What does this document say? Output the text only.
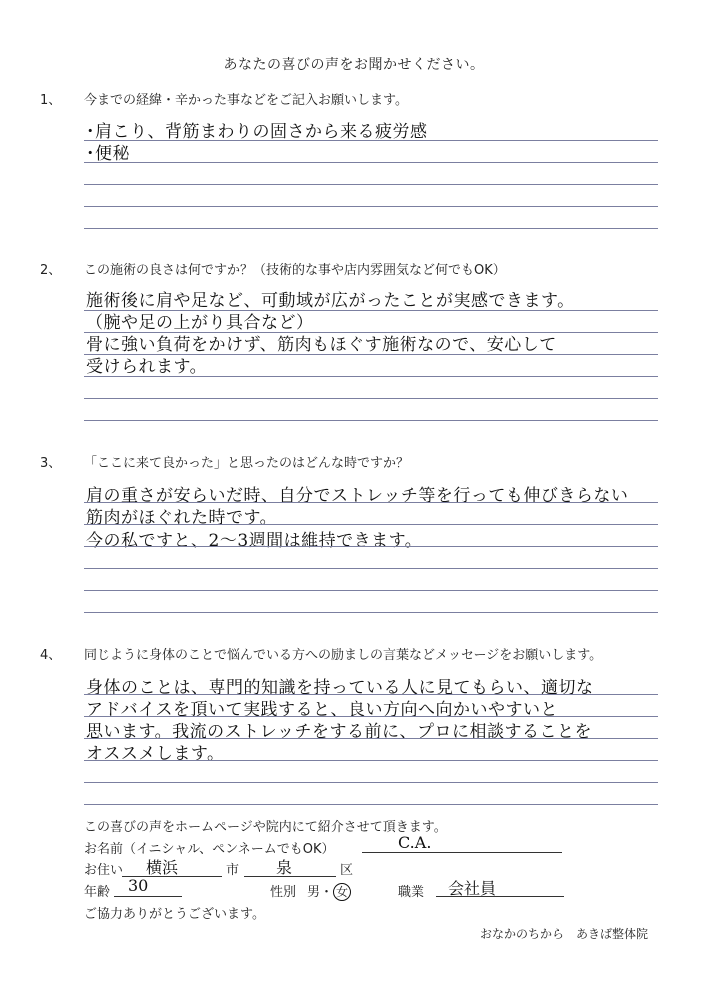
あなたの喜びの声をお聞かせください。
1、 今までの経緯・辛かった事などをご記入お願いします。
･肩こり、背筋まわりの固さから来る疲労感
･便秘
2、 この施術の良さは何ですか？（技術的な事や店内雰囲気など何でもOK）
施術後に肩や足など、可動域が広がったことが実感できます。
（腕や足の上がり具合など）
骨に強い負荷をかけず、筋肉もほぐす施術なので、安心して
受けられます。
3、 「ここに来て良かった」と思ったのはどんな時ですか？
肩の重さが安らいだ時、自分でストレッチ等を行っても伸びきらない
筋肉がほぐれた時です。
今の私ですと、2〜3週間は維持できます。
4、 同じように身体のことで悩んでいる方への励ましの言葉などメッセージをお願いします。
身体のことは、専門的知識を持っている人に見てもらい、適切な
アドバイスを頂いて実践すると、良い方向へ向かいやすいと
思います。我流のストレッチをする前に、プロに相談することを
オススメします。
この喜びの声をホームページや院内にて紹介させて頂きます。
お名前（イニシャル、ペンネームでもOK）	C.A.
お住い 横浜	市 泉	区
年齢 30	性別 男・ 女	職業 会社員
ご協力ありがとうございます。
おなかのちから　あきば整体院
